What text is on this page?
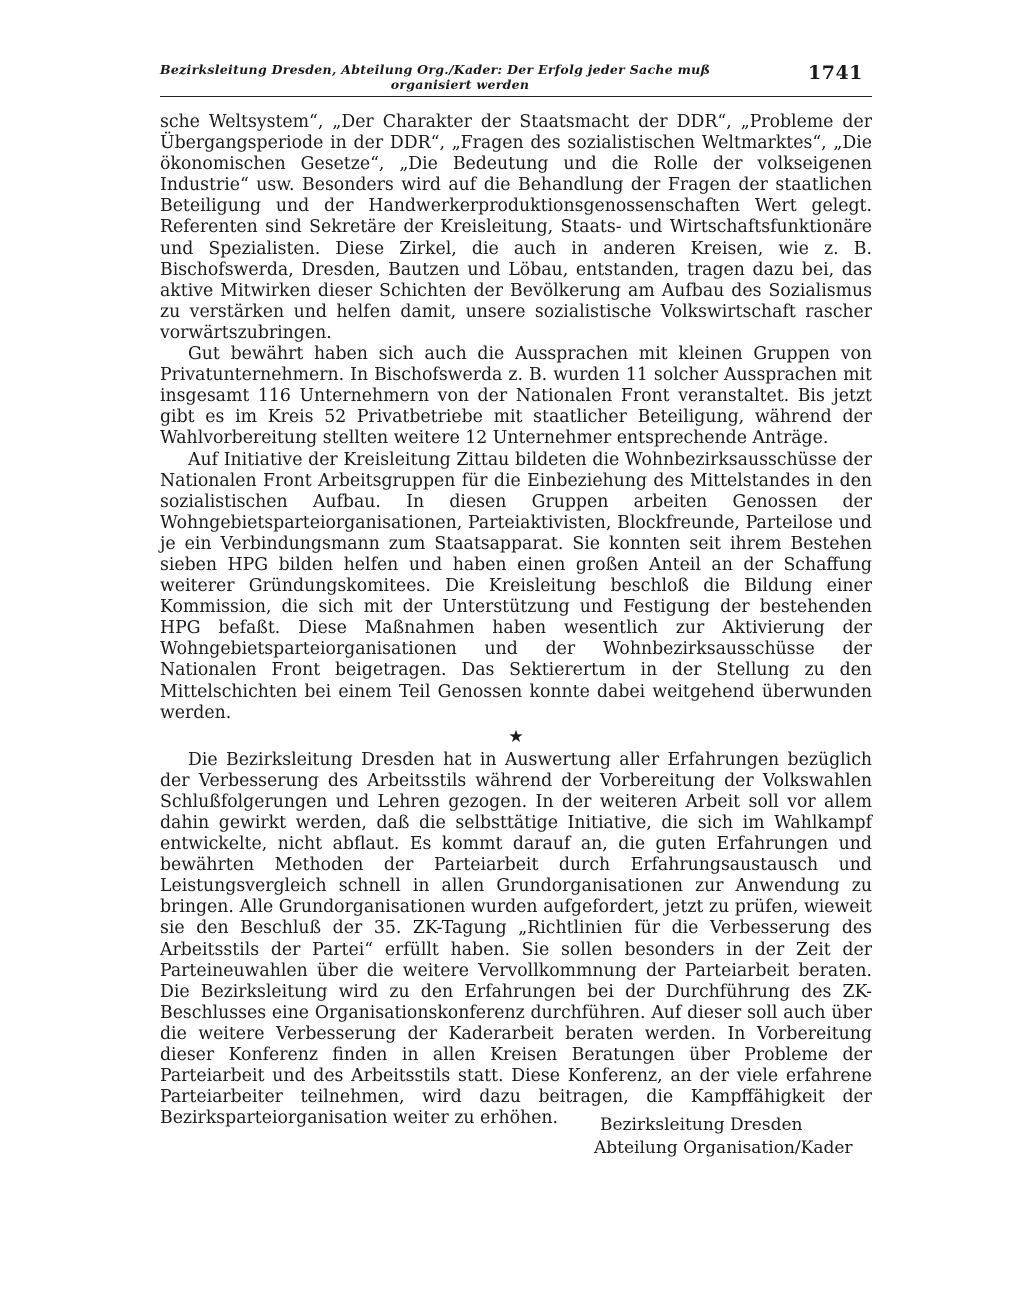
Bezirksleitung Dresden, Abteilung Org./Kader: Der Erfolg jeder Sache muß
organisiert werden
1741

sche Weltsystem“, „Der Charakter der Staatsmacht der DDR“, „Probleme der Übergangsperiode in der DDR“, „Fragen des sozialistischen Weltmarktes“, „Die ökonomischen Gesetze“, „Die Bedeutung und die Rolle der volkseigenen Industrie“ usw. Besonders wird auf die Behandlung der Fragen der staatlichen Beteiligung und der Handwerkerproduktionsgenossenschaften Wert gelegt. Referenten sind Sekretäre der Kreisleitung, Staats- und Wirtschaftsfunktionäre und Spezialisten. Diese Zirkel, die auch in anderen Kreisen, wie z. B. Bischofswerda, Dresden, Bautzen und Löbau, entstanden, tragen dazu bei, das aktive Mitwirken dieser Schichten der Bevölkerung am Aufbau des Sozialismus zu verstärken und helfen damit, unsere sozialistische Volkswirtschaft rascher vorwärtszubringen.

Gut bewährt haben sich auch die Aussprachen mit kleinen Gruppen von Privatunternehmern. In Bischofswerda z. B. wurden 11 solcher Aussprachen mit insgesamt 116 Unternehmern von der Nationalen Front veranstaltet. Bis jetzt gibt es im Kreis 52 Privatbetriebe mit staatlicher Beteiligung, während der Wahlvorbereitung stellten weitere 12 Unternehmer entsprechende Anträge.

Auf Initiative der Kreisleitung Zittau bildeten die Wohnbezirksausschüsse der Nationalen Front Arbeitsgruppen für die Einbeziehung des Mittelstandes in den sozialistischen Aufbau. In diesen Gruppen arbeiten Genossen der Wohngebietsparteiorganisationen, Parteiaktivisten, Blockfreunde, Parteilose und je ein Verbindungsmann zum Staatsapparat. Sie konnten seit ihrem Bestehen sieben HPG bilden helfen und haben einen großen Anteil an der Schaffung weiterer Gründungskomitees. Die Kreisleitung beschloß die Bildung einer Kommission, die sich mit der Unterstützung und Festigung der bestehenden HPG befaßt. Diese Maßnahmen haben wesentlich zur Aktivierung der Wohngebietsparteiorganisationen und der Wohnbezirksausschüsse der Nationalen Front beigetragen. Das Sektierertum in der Stellung zu den Mittelschichten bei einem Teil Genossen konnte dabei weitgehend überwunden werden.

★

Die Bezirksleitung Dresden hat in Auswertung aller Erfahrungen bezüglich der Verbesserung des Arbeitsstils während der Vorbereitung der Volkswahlen Schlußfolgerungen und Lehren gezogen. In der weiteren Arbeit soll vor allem dahin gewirkt werden, daß die selbsttätige Initiative, die sich im Wahlkampf entwickelte, nicht abflaut. Es kommt darauf an, die guten Erfahrungen und bewährten Methoden der Parteiarbeit durch Erfahrungsaustausch und Leistungsvergleich schnell in allen Grundorganisationen zur Anwendung zu bringen. Alle Grundorganisationen wurden aufgefordert, jetzt zu prüfen, wieweit sie den Beschluß der 35. ZK-Tagung „Richtlinien für die Verbesserung des Arbeitsstils der Partei“ erfüllt haben. Sie sollen besonders in der Zeit der Parteineuwahlen über die weitere Vervollkommnung der Parteiarbeit beraten. Die Bezirksleitung wird zu den Erfahrungen bei der Durchführung des ZK-Beschlusses eine Organisationskonferenz durchführen. Auf dieser soll auch über die weitere Verbesserung der Kaderarbeit beraten werden. In Vorbereitung dieser Konferenz finden in allen Kreisen Beratungen über Probleme der Parteiarbeit und des Arbeitsstils statt. Diese Konferenz, an der viele erfahrene Parteiarbeiter teilnehmen, wird dazu beitragen, die Kampffähigkeit der Bezirksparteiorganisation weiter zu erhöhen.	Bezirksleitung Dresden
Abteilung Organisation/Kader
